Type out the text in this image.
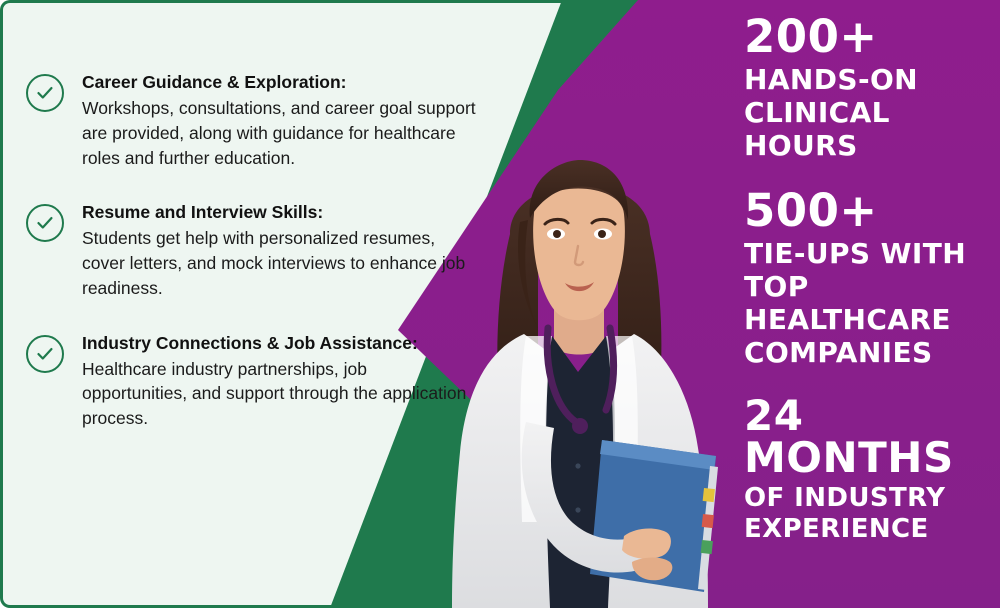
Career Guidance & Exploration:
Workshops, consultations, and career goal support are provided, along with guidance for healthcare roles and further education.
Resume and Interview Skills:
Students get help with personalized resumes, cover letters, and mock interviews to enhance job readiness.
Industry Connections & Job Assistance:
Healthcare industry partnerships, job opportunities, and support through the application process.
200+
HANDS-ON CLINICAL HOURS
500+
TIE-UPS WITH TOP HEALTHCARE COMPANIES
24 MONTHS
OF INDUSTRY EXPERIENCE
